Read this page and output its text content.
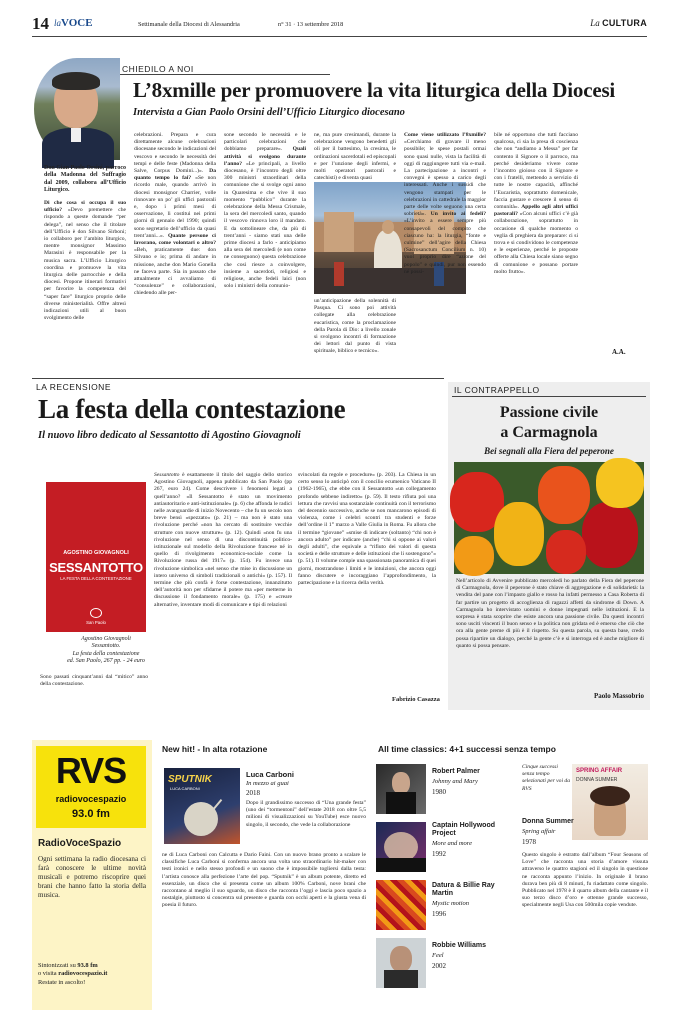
14 laVOCE	Settimanale della Diocesi di Alessandria	n° 31 · 13 settembre 2018	La CULTURA
CHIEDILO A NOI
L’8xmille per promuovere la vita liturgica della Diocesi
Intervista a Gian Paolo Orsini dell’Ufficio Liturgico diocesano
Don Gian Paolo Orsini, parroco della Madonna del Suffragio dal 2009, collabora all’Ufficio Liturgico.
Di che cosa si occupa il suo ufficio? «Devo premettere che rispondo a queste domande “per delega”, nel senso che il titolare dell’Ufficio è don Silvano Sirboni; io collaboro per l’ambito liturgico, mentre monsignor Massimo Marasini è responsabile per la musica sacra. L’Ufficio Liturgico coordina e promuove la vita liturgica delle parrocchie e della diocesi. Propone itinerari formativi per favorire la competenza del “saper fare” liturgico proprio delle diverse ministerialità. Offre altresì indicazioni utili al buon svolgimento delle
celebrazioni. Prepara e cura direttamente alcune celebrazioni diocesane secondo le indicazioni del vescovo e secondo le necessità dei tempi e delle feste (Madonna della Salve, Corpus Domini...)». Da quanto tempo lo fai? «Se non ricordo male, quando arrivò in diocesi monsignor Charrier, volle rinnovare un po’ gli uffici pastorali e, dopo i primi mesi di osservazione, li costituì nei primi giorni di gennaio del 1990; quindi sono segretario dell’ufficio da quasi trent’anni...». Quante persone ci lavorano, come volontari o altro? «Beh, praticamente due: don Silvano e io; prima di andare in missione, anche don Mario Gonella ne faceva parte. Sia in passato che attualmente ci avvaliamo di “consulenze” e collaborazioni, chiedendo alle per-
sone secondo le necessità e le particolari celebrazioni che dobbiamo preparare». Quali attività si svolgono durante l’anno? «Le principali, a livello diocesano, è l’incontro degli oltre 300 ministri straordinari della comunione che si svolge ogni anno in Quaresima e che vive il suo momento “pubblico” durante la celebrazione della Messa Crismale, la sera del mercoledì santo, quando il vescovo rinnova loro il mandato. E da sottolineare che, da più di trent’anni - siamo stati una delle prime diocesi a farlo - anticipiamo alla sera del mercoledì (e non come ne conseguono) questa celebrazione che così riesce a coinvolgere, insieme a sacerdoti, religiosi e religiose, anche fedeli laici (non solo i ministri della comunio-
ne, ma pure cresimandi, durante la celebrazione vengono benedetti gli oli per il battesimo, la cresima, le ordinazioni sacerdotali ed episcopali e per l’unzione degli infermi, e molti operatori pastorali e catechisti) e diventa quasi
un’anticipazione della solennità di Pasqua. Ci sono poi attività collegate alla celebrazione eucaristica, come la proclamazione della Parola di Dio: a livello zonale si svolgono incontri di formazione dei lettori dal punto di vista spirituale, biblico e tecnico».
Come viene utilizzato l’8xmille? «Cerchiamo di gravare il meno possibile; le spese postali ormai sono quasi nulle, vista la facilità di oggi di raggiungere tutti via e-mail. La partecipazione a incontri e convegni è spesso a carico degli interessati. Anche i sussidi che vengono stampati per le celebrazioni in cattedrale la maggior parte delle volte seguono una certa sobrietà». Un invito ai fedeli? «L’invito a essere sempre più consapevoli del compito che ciascuno ha: la liturgia, “fonte e culmine” dell’agire della Chiesa (Sacrosanctum Concilium n. 10) vuol proprio dire “azione del popolo” e quindi, pur non essendo né possi-
bile né opportuno che tutti facciano qualcosa, ci sia la presa di coscienza che non “andiamo a Messa” per far contento il Signore o il parroco, ma perché desideriamo vivere come l’incontro gioioso con il Signore e con i fratelli, mettendo a servizio di tutte le nostre capacità, affinché l’Eucaristia, soprattutto domenicale, faccia gustare e crescere il senso di comunità». Appello agli altri uffici pastorali? «Con alcuni uffici c’è già collaborazione, soprattutto in occasione di qualche momento o veglia di preghiera da preparare: ci si trova e si condividono le competenze e le esperienze, perché le proposte offerte alla Chiesa locale siano segno di comunione e possano portare molto frutto».
A.A.
LA RECENSIONE
La festa della contestazione
Il nuovo libro dedicato al Sessantotto di Agostino Giovagnoli
AGOSTINO GIOVAGNOLI
SESSANTOTTO
LA FESTA DELLA CONTESTAZIONE
San Paolo
Agostino Giovagnoli
Sessantotto.
La festa della contestazione
ed. San Paolo, 267 pp. - 24 euro
Sono passati cinquant’anni dal “mitico” anno della contestazione.
Sessantotto è esattamente il titolo del saggio dello storico Agostino Giovagnoli, appena pubblicato da San Paolo (pp 267, euro 24). Come descrivere i fenomeni legati a quell’anno? «Il Sessantotto è stato un movimento antiautoritario e anti-istituzionale» (p. 6) che affonda le radici nelle avanguardie di inizio Novecento – che fu un secolo non breve bensì «spezzato» (p. 21) – ma non è stato una rivoluzione perché «non ha cercato di sostituire vecchie strutture con nuove strutture» (p. 12). Quindi «non fu una rivoluzione nel senso di una discontinuità politico-istituzionale sul modello della Rivoluzione francese né in quello di rivolgimento economico-sociale come la Rivoluzione russa del 1917» (p. 154). Fu invece una rivoluzione simbolica «nel senso che mise in discussione un intero universo di simboli tradizionali o antichi» (p. 157). Il termine che più confà è forse contestazione, innanzitutto dell’autorità non per sfidarne il potere ma «per metterne in discussione il fondamento morale» (p. 175) e «creare alternative, inventare modi di comunicare e tipi di relazioni
svincolati da regole e procedure» (p. 203). La Chiesa in un certo senso lo anticipò con il concilio ecumenico Vaticano II (1962-1965), che ebbe con il Sessantotto «un collegamento profondo sebbene indiretto» (p. 59). Il testo rifiuta poi una lettura che ravvisi una sostanziale continuità con il terrorismo del decennio successivo, anche se non mancarono episodi di violenza, come i celebri scontri tra studenti e forze dell’ordine il 1° marzo a Valle Giulia in Roma. Fu allora che il termine “giovane” «smise di indicare (soltanto) “chi non è ancora adulto” per indicare (anche) “chi si oppone ai valori degli adulti”, che equivale a “rifiuto dei valori di questa società e delle strutture e delle istituzioni che li sostengono”» (p. 51). Il volume compie una spassionata panoramica di quei giorni, mostrandone i limiti e le intuizioni, che ancora oggi fanno discutere e incoraggiano l’approfondimento, la partecipazione e la ricerca della verità.
Fabrizio Casazza
IL CONTRAPPELLO
Passione civile
a Carmagnola
Bei segnali alla Fiera del peperone
Nell’articolo di Avvenire pubblicato mercoledì ho parlato della Fiera del peperone di Carmagnola, dove il peperone è stato chiave di aggregazione e di solidarietà: la vendita del pane con l’impasto giallo e rosso ha infatti permesso a Casa Roberta di far partire un progetto di accoglienza di ragazzi affetti da sindrome di Down. A Carmagnola ho intervistato uomini e donne impegnati nelle istituzioni. E la sorpresa è stata scoprire che esiste ancora una passione civile. Da questi incontri sono usciti vincenti il buon senso e la politica non gridata ed è emerso che ciò che ora alla gente preme di più è il rispetto. Su questa parola, su questa base, credo possa ripartire un dialogo, perché la gente c’è e si interroga ed è anche migliore di quanto si possa pensare.
Paolo Massobrio
RVS
radiovocespazio
93.0 fm
RadioVoceSpazio
Ogni settimana la radio diocesana ci farà conoscere le ultime novità musicali e potremo riscoprire quei brani che hanno fatto la storia della musica.
Sintonizzati su 93.8 fm
o visita radiovocespazio.it
Restate in ascolto!
New hit! - In alta rotazione
SPUTNIK
LUCA CARBONI
Luca Carboni
In mezzo ai guai
2018
Dopo il grandissimo successo di “Una grande festa” (uno dei “tormentoni” dell’estate 2018 con oltre 5,5 milioni di visualizzazioni su YouTube) esce nuovo singolo, il secondo, che vede la collaborazione
ne di Luca Carboni con Calcutta e Dario Faini. Con un nuovo brano pronto a scalare le classifiche Luca Carboni si conferma ancora una volta uno straordinario hit-maker con testi ironici e nello stesso profondi e un suono che è impossibile togliersi dalla testa: l’artista conosce alla perfezione l’arte del pop. “Sputnik” è un album potente, diretto ed essenziale, un disco che si presenta come un album 100% Carboni, nove brani che raccontano al meglio il suo sguardo, un disco che racconta l’oggi e lascia poco spazio a nostalgie, piuttosto si concentra sul presente e guarda con occhi aperti e la giusta vena di poesia il futuro.
All time classics: 4+1 successi senza tempo
Robert Palmer
Johnny and Mary
1980
Captain Hollywood Project
More and more
1992
Datura & Billie Ray Martin
Mystic motion
1996
Robbie Williams
Feel
2002
Cinque successi senza tempo selezionati per voi da RVS
SPRING AFFAIR
DONNA SUMMER
Donna Summer
Spring affair
1978
Questo singolo è estratto dall’album “Four Seasons of Love” che racconta una storia d’amore vissuta attraverso le quattro stagioni ed il singolo in questione ne racconta appunto l’inizio. In originale il brano durava ben più di 8 minuti, fu riadattato come singolo. Pubblicato nel 1978 è il quarto album della cantante e il suo terzo disco d’oro e ottenne grande successo, specialmente negli Usa con 500mila copie vendute.
